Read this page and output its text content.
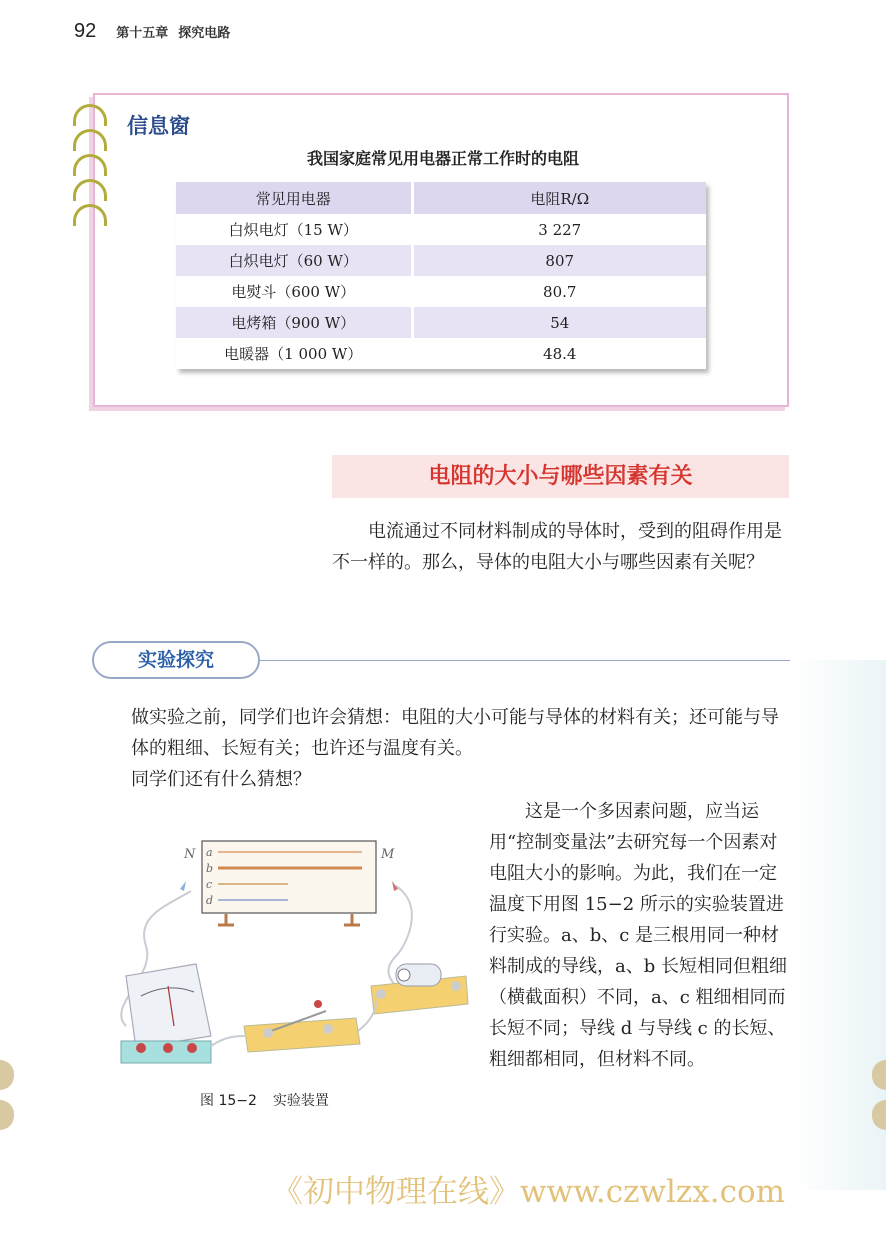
92 第十五章 探究电路
信息窗
我国家庭常见用电器正常工作时的电阻
常见用电器	电阻R/Ω
白炽电灯（15 W）	3 227
白炽电灯（60 W）	807
电熨斗（600 W）	80.7
电烤箱（900 W）	54
电暖器（1 000 W）	48.4
电阻的大小与哪些因素有关

电流通过不同材料制成的导体时，受到的阻碍作用是不一样的。那么，导体的电阻大小与哪些因素有关呢？

实验探究

做实验之前，同学们也许会猜想：电阻的大小可能与导体的材料有关；还可能与导体的粗细、长短有关；也许还与温度有关。

同学们还有什么猜想？

这是一个多因素问题，应当运用“控制变量法”去研究每一个因素对电阻大小的影响。为此，我们在一定温度下用图 15−2 所示的实验装置进行实验。a、b、c 是三根用同一种材料制成的导线，a、b 长短相同但粗细（横截面积）不同，a、c 粗细相同而长短不同；导线 d 与导线 c 的长短、粗细都相同，但材料不同。

N	M
a
b
c
d
图 15−2 实验装置
《初中物理在线》www.czwlzx.com
